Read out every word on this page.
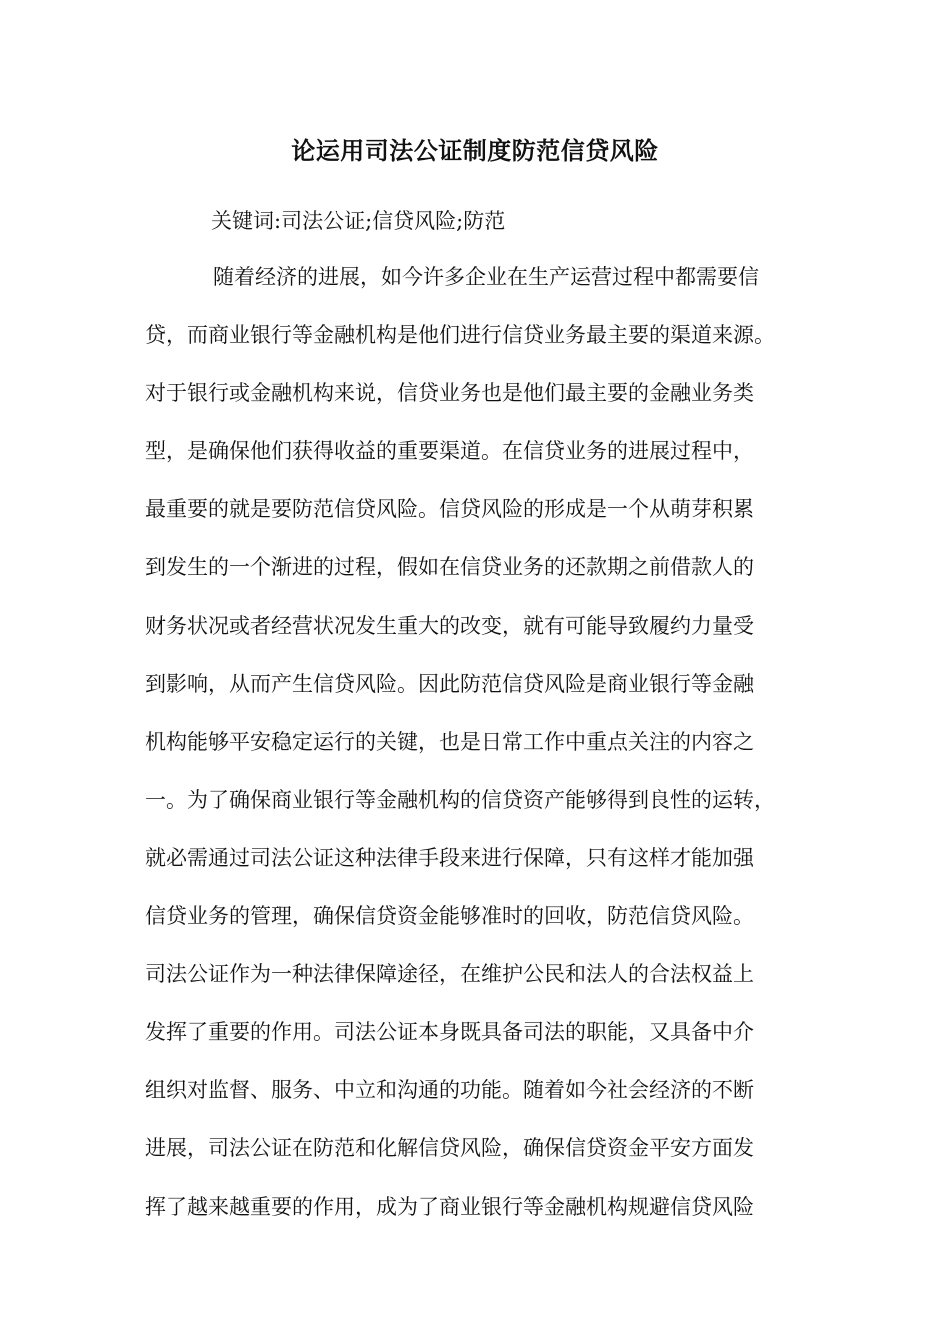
论运用司法公证制度防范信贷风险
关键词:司法公证;信贷风险;防范
随着经济的进展，如今许多企业在生产运营过程中都需要信
贷，而商业银行等金融机构是他们进行信贷业务最主要的渠道来源。
对于银行或金融机构来说，信贷业务也是他们最主要的金融业务类
型，是确保他们获得收益的重要渠道。在信贷业务的进展过程中，
最重要的就是要防范信贷风险。信贷风险的形成是一个从萌芽积累
到发生的一个渐进的过程，假如在信贷业务的还款期之前借款人的
财务状况或者经营状况发生重大的改变，就有可能导致履约力量受
到影响，从而产生信贷风险。因此防范信贷风险是商业银行等金融
机构能够平安稳定运行的关键，也是日常工作中重点关注的内容之
一。为了确保商业银行等金融机构的信贷资产能够得到良性的运转，
就必需通过司法公证这种法律手段来进行保障，只有这样才能加强
信贷业务的管理，确保信贷资金能够准时的回收，防范信贷风险。
司法公证作为一种法律保障途径，在维护公民和法人的合法权益上
发挥了重要的作用。司法公证本身既具备司法的职能，又具备中介
组织对监督、服务、中立和沟通的功能。随着如今社会经济的不断
进展，司法公证在防范和化解信贷风险，确保信贷资金平安方面发
挥了越来越重要的作用，成为了商业银行等金融机构规避信贷风险
